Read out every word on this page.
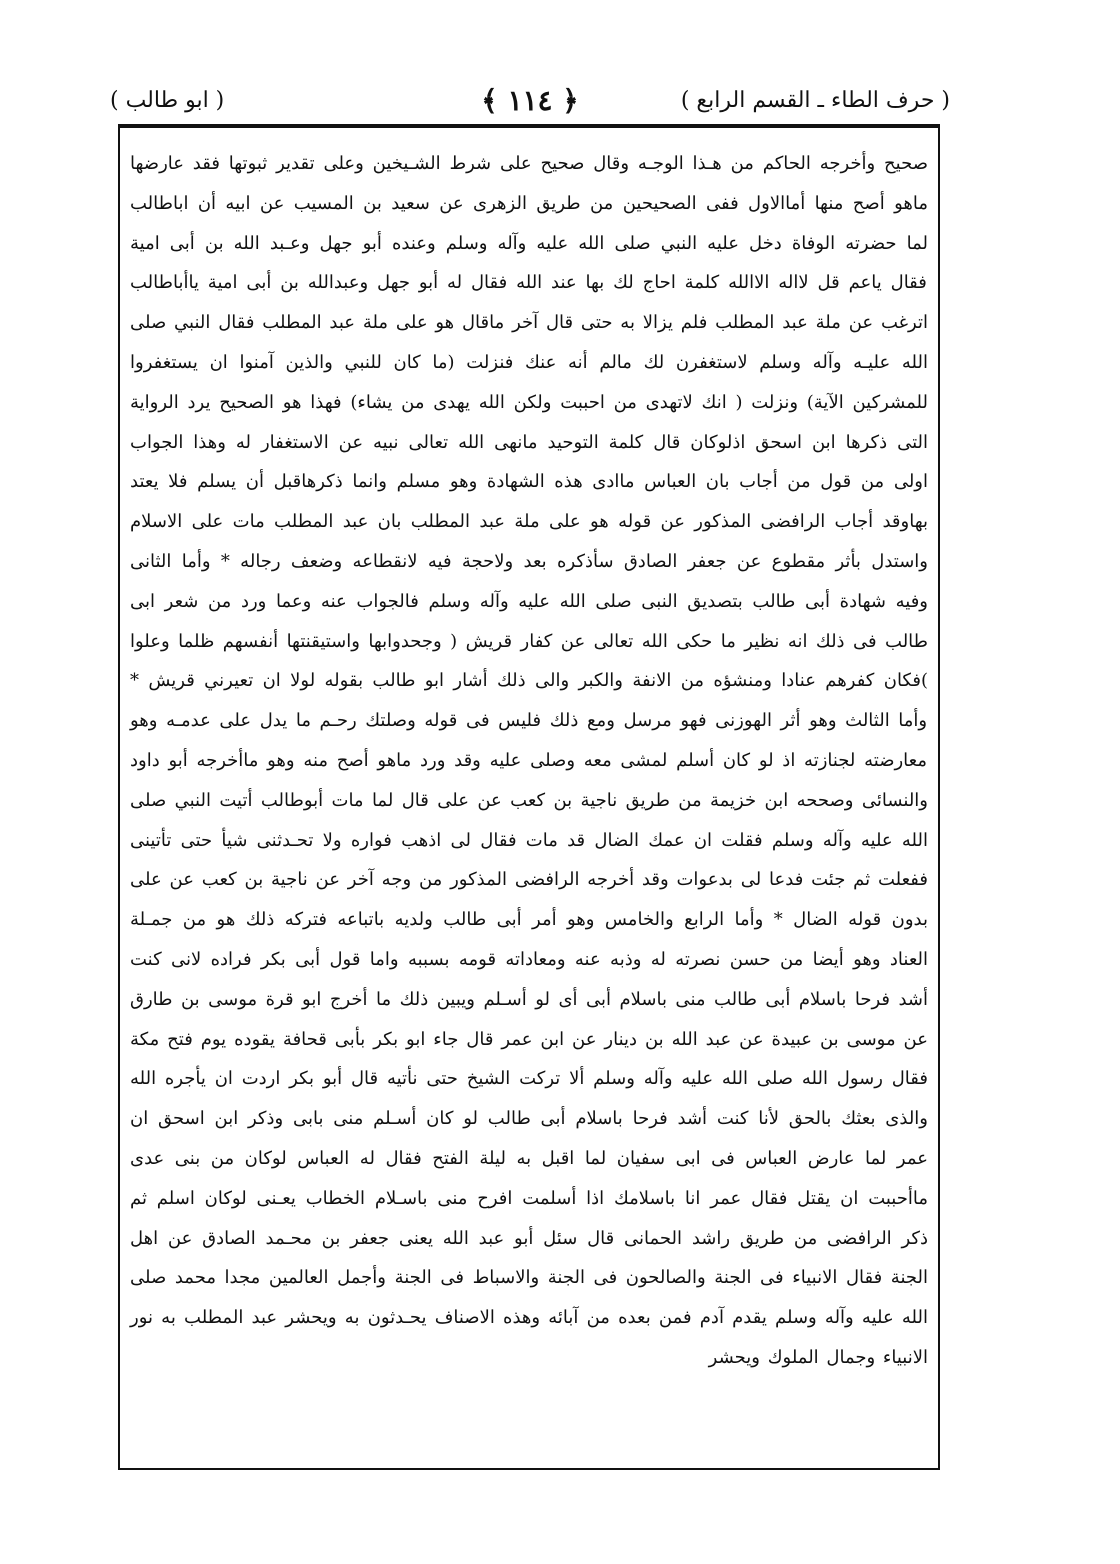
( حرف الطاء ـ القسم الرابع )
﴿ ١١٤ ﴾
( ابو طالب )

صحيح وأخرجه الحاكم من هـذا الوجـه وقال صحيح على شرط الشـيخين وعلى تقدير ثبوتها فقد عارضها ماهو أصح منها أماالاول ففى الصحيحين من طريق الزهرى عن سعيد بن المسيب عن ابيه أن اباطالب لما حضرته الوفاة دخل عليه النبي صلى الله عليه وآله وسلم وعنده أبو جهل وعـبد الله بن أبى امية فقال ياعم قل لااله الاالله كلمة احاج لك بها عند الله فقال له أبو جهل وعبدالله بن أبى امية ياأباطالب اترغب عن ملة عبد المطلب فلم يزالا به حتى قال آخر ماقال هو على ملة عبد المطلب فقال النبي صلى الله عليـه وآله وسلم لاستغفرن لك مالم أنه عنك فنزلت (ما كان للنبي والذين آمنوا ان يستغفروا للمشركين الآية) ونزلت ( انك لاتهدى من احببت ولكن الله يهدى من يشاء) فهذا هو الصحيح يرد الرواية التى ذكرها ابن اسحق اذلوكان قال كلمة التوحيد مانهى الله تعالى نبيه عن الاستغفار له وهذا الجواب اولى من قول من أجاب بان العباس ماادى هذه الشهادة وهو مسلم وانما ذكرهاقبل أن يسلم فلا يعتد بهاوقد أجاب الرافضى المذكور عن قوله هو على ملة عبد المطلب بان عبد المطلب مات على الاسلام واستدل بأثر مقطوع عن جعفر الصادق سأذكره بعد ولاحجة فيه لانقطاعه وضعف رجاله * وأما الثانى وفيه شهادة أبى طالب بتصديق النبى صلى الله عليه وآله وسلم فالجواب عنه وعما ورد من شعر ابى طالب فى ذلك انه نظير ما حكى الله تعالى عن كفار قريش ( وجحدوابها واستيقنتها أنفسهم ظلما وعلوا )فكان كفرهم عنادا ومنشؤه من الانفة والكبر والى ذلك أشار ابو طالب بقوله لولا ان تعيرني قريش * وأما الثالث وهو أثر الهوزنى فهو مرسل ومع ذلك فليس فى قوله وصلتك رحـم ما يدل على عدمـه وهو معارضته لجنازته اذ لو كان أسلم لمشى معه وصلى عليه وقد ورد ماهو أصح منه وهو ماأخرجه أبو داود والنسائى وصححه ابن خزيمة من طريق ناجية بن كعب عن على قال لما مات أبوطالب أتيت النبي صلى الله عليه وآله وسلم فقلت ان عمك الضال قد مات فقال لى اذهب فواره ولا تحـدثنى شيأ حتى تأتينى ففعلت ثم جئت فدعا لى بدعوات وقد أخرجه الرافضى المذكور من وجه آخر عن ناجية بن كعب عن على بدون قوله الضال * وأما الرابع والخامس وهو أمر أبى طالب ولديه باتباعه فتركه ذلك هو من جمـلة العناد وهو أيضا من حسن نصرته له وذبه عنه ومعاداته قومه بسببه واما قول أبى بكر فراده لانى كنت أشد فرحا باسلام أبى طالب منى باسلام أبى أى لو أسـلم ويبين ذلك ما أخرج ابو قرة موسى بن طارق عن موسى بن عبيدة عن عبد الله بن دينار عن ابن عمر قال جاء ابو بكر بأبى قحافة يقوده يوم فتح مكة فقال رسول الله صلى الله عليه وآله وسلم ألا تركت الشيخ حتى نأتيه قال أبو بكر اردت ان يأجره الله والذى بعثك بالحق لأنا كنت أشد فرحا باسلام أبى طالب لو كان أسـلم منى بابى وذكر ابن اسحق ان عمر لما عارض العباس فى ابى سفيان لما اقبل به ليلة الفتح فقال له العباس لوكان من بنى عدى ماأحببت ان يقتل فقال عمر انا باسلامك اذا أسلمت افرح منى باسـلام الخطاب يعـنى لوكان اسلم ثم ذكر الرافضى من طريق راشد الحمانى قال سئل أبو عبد الله يعنى جعفر بن محـمد الصادق عن اهل الجنة فقال الانبياء فى الجنة والصالحون فى الجنة والاسباط فى الجنة وأجمل العالمين مجدا محمد صلى الله عليه وآله وسلم يقدم آدم فمن بعده من آبائه وهذه الاصناف يحـدثون به ويحشر عبد المطلب به نور الانبياء وجمال الملوك ويحشر
